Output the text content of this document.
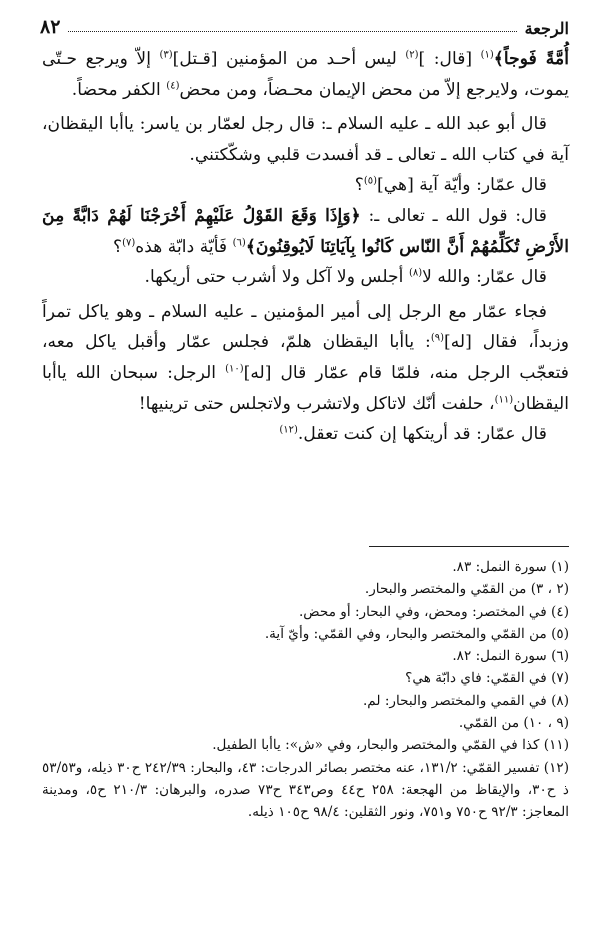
الرجعة
٨٢

أُمَّةً فَوجاً﴾$^{(١)}$ [قال: ]$^{(٢)}$ ليس أحـد من المؤمنين [قـتل]$^{(٣)}$ إلاّ ويرجع حـتّى يموت، ولايرجع إلاّ من محض الإيمان محـضاً، ومن محض$^{(٤)}$ الكفر محضاً.

قال أبو عبد الله ـ عليه السلام ـ: قال رجل لعمّار بن ياسر: ياأبا اليقظان، آية في كتاب الله ـ تعالى ـ قد أفسدت قلبي وشكّكتني.

قال عمّار: وأيّة آية [هي]$^{(٥)}$؟

قال: قول الله ـ تعالى ـ: ﴿وَإِذَا وَقَعَ القَوْلُ عَلَيْهِمْ أَخْرَجْنَا لَهُمْ دَابَّةً مِنَ الأَرْضِ تُكَلِّمُهُمْ أَنَّ النّاس كَانُوا بِآيَاتِنَا لَايُوقِنُونَ﴾$^{(٦)}$ فَأيّة دابّة هذه$^{(٧)}$؟

قال عمّار: والله لا$^{(٨)}$ أجلس ولا آكل ولا أشرب حتى أريكها.

فجاء عمّار مع الرجل إلى أمير المؤمنين ـ عليه السلام ـ وهو ياكل تمراً وزبداً، فقال [له]$^{(٩)}$: ياأبا اليقظان هلمّ، فجلس عمّار وأقبل ياكل معه، فتعجّب الرجل منه، فلمّا قام عمّار قال [له]$^{(١٠)}$ الرجل: سبحان الله ياأبا اليقظان$^{(١١)}$، حلفت أنّك لاتاكل ولاتشرب ولاتجلس حتى ترينيها!

قال عمّار: قد أريتكها إن كنت تعقل.$^{(١٢)}$

(١) سورة النمل: ٨٣.

(٢ ، ٣) من القمّي والمختصر والبحار.

(٤) في المختصر: ومحض، وفي البحار: أو محض.

(٥) من القمّي والمختصر والبحار، وفي القمّي: وأيّ آية.

(٦) سورة النمل: ٨٢.

(٧) في القمّي: فاي دابّة هي؟

(٨) في القمي والمختصر والبحار: لم.

(٩ ، ١٠) من القمّي.

(١١) كذا في القمّي والمختصر والبحار، وفي «ش»: ياأبا الطفيل.

(١٢) تفسير القمّي: ١٣١/٢، عنه مختصر بصائر الدرجات: ٤٣، والبحار: ٢٤٢/٣٩ ح٣٠ ذيله، و٥٣/٥٣ ذ ح٣٠، والإيقاظ من الهجعة: ٢٥٨ ح٤٤ وص٣٤٣ ح٧٣ صدره، والبرهان: ٢١٠/٣ ح٥، ومدينة المعاجز: ٩٢/٣ ح٧٥٠ و٧٥١، ونور الثقلين: ٩٨/٤ ح١٠٥ ذيله.
